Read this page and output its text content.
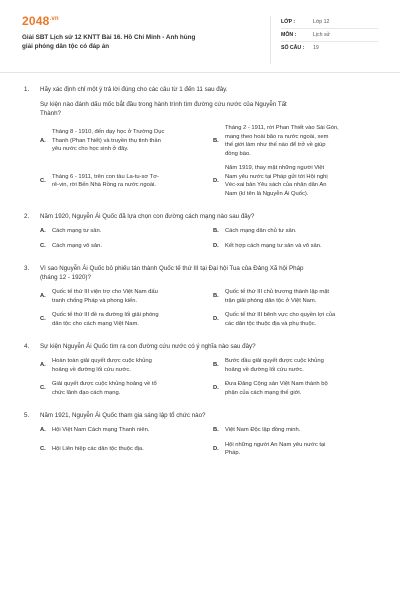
$2048^{.vn}$
Giải SBT Lịch sử 12 KNTT Bài 16. Hồ Chí Minh - Anh hùng
giải phóng dân tộc có đáp án
LỚP :	Lớp 12
MÔN :	Lịch sử
SỐ CÂU :	19
1.	Hãy xác định chỉ một ý trả lời đúng cho các câu từ 1 đến 11 sau đây.
Sự kiện nào đánh dấu mốc bắt đầu trong hành trình tìm đường cứu nước của Nguyễn Tất
Thành?
A.
Tháng 8 - 1910, đến dạy học ở Trường Dục
Thanh (Phan Thiết) và truyền thụ tinh thần
yêu nước cho học sinh ở đây.
B.
Tháng 2 - 1911, rời Phan Thiết vào Sài Gòn,
mang theo hoài bão ra nước ngoài, xem
thế giới làm như thế nào để trở về giúp
đồng bào.
C.
Tháng 6 - 1911, trên con tàu La-tu-sơ Tơ-
rê-vin, rời Bến Nhà Rồng ra nước ngoài.
D.
Năm 1919, thay mặt những người Việt
Nam yêu nước tại Pháp gửi tới Hội nghị
Véc-xai bản Yêu sách của nhân dân An
Nam (kí tên là Nguyễn Ái Quốc).
2.	Năm 1920, Nguyễn Ái Quốc đã lựa chọn con đường cách mạng nào sau đây?
A.	Cách mạng tư sản.	B.	Cách mạng dân chủ tư sản.
C.	Cách mạng vô sản.	D.	Kết hợp cách mạng tư sản và vô sản.
3.	Vì sao Nguyễn Ái Quốc bỏ phiếu tán thành Quốc tế thứ III tại Đại hội Tua của Đảng Xã hội Pháp
(tháng 12 - 1920)?
A.
Quốc tế thứ III viện trợ cho Việt Nam đấu
tranh chống Pháp và phong kiến.
B.
Quốc tế thứ III chủ trương thành lập mặt
trận giải phóng dân tộc ở Việt Nam.
C.
Quốc tế thứ III đề ra đường lối giải phóng
dân tộc cho cách mạng Việt Nam.
D.
Quốc tế thứ III bênh vực cho quyền lợi của
các dân tộc thuộc địa và phụ thuộc.
4.	Sự kiện Nguyễn Ái Quốc tìm ra con đường cứu nước có ý nghĩa nào sau đây?
A.
Hoàn toàn giải quyết được cuộc khủng
hoảng về đường lối cứu nước.
B.
Bước đầu giải quyết được cuộc khủng
hoảng về đường lối cứu nước.
C.
Giải quyết được cuộc khủng hoảng về tổ
chức lãnh đạo cách mạng.
D.
Đưa Đảng Cộng sản Việt Nam thành bộ
phận của cách mạng thế giới.
5.	Năm 1921, Nguyễn Ái Quốc tham gia sáng lập tổ chức nào?
A.	Hội Việt Nam Cách mạng Thanh niên.	B.	Việt Nam Độc lập đồng minh.
C.	Hội Liên hiệp các dân tộc thuộc địa.	D.
Hội những người An Nam yêu nước tại
Pháp.
